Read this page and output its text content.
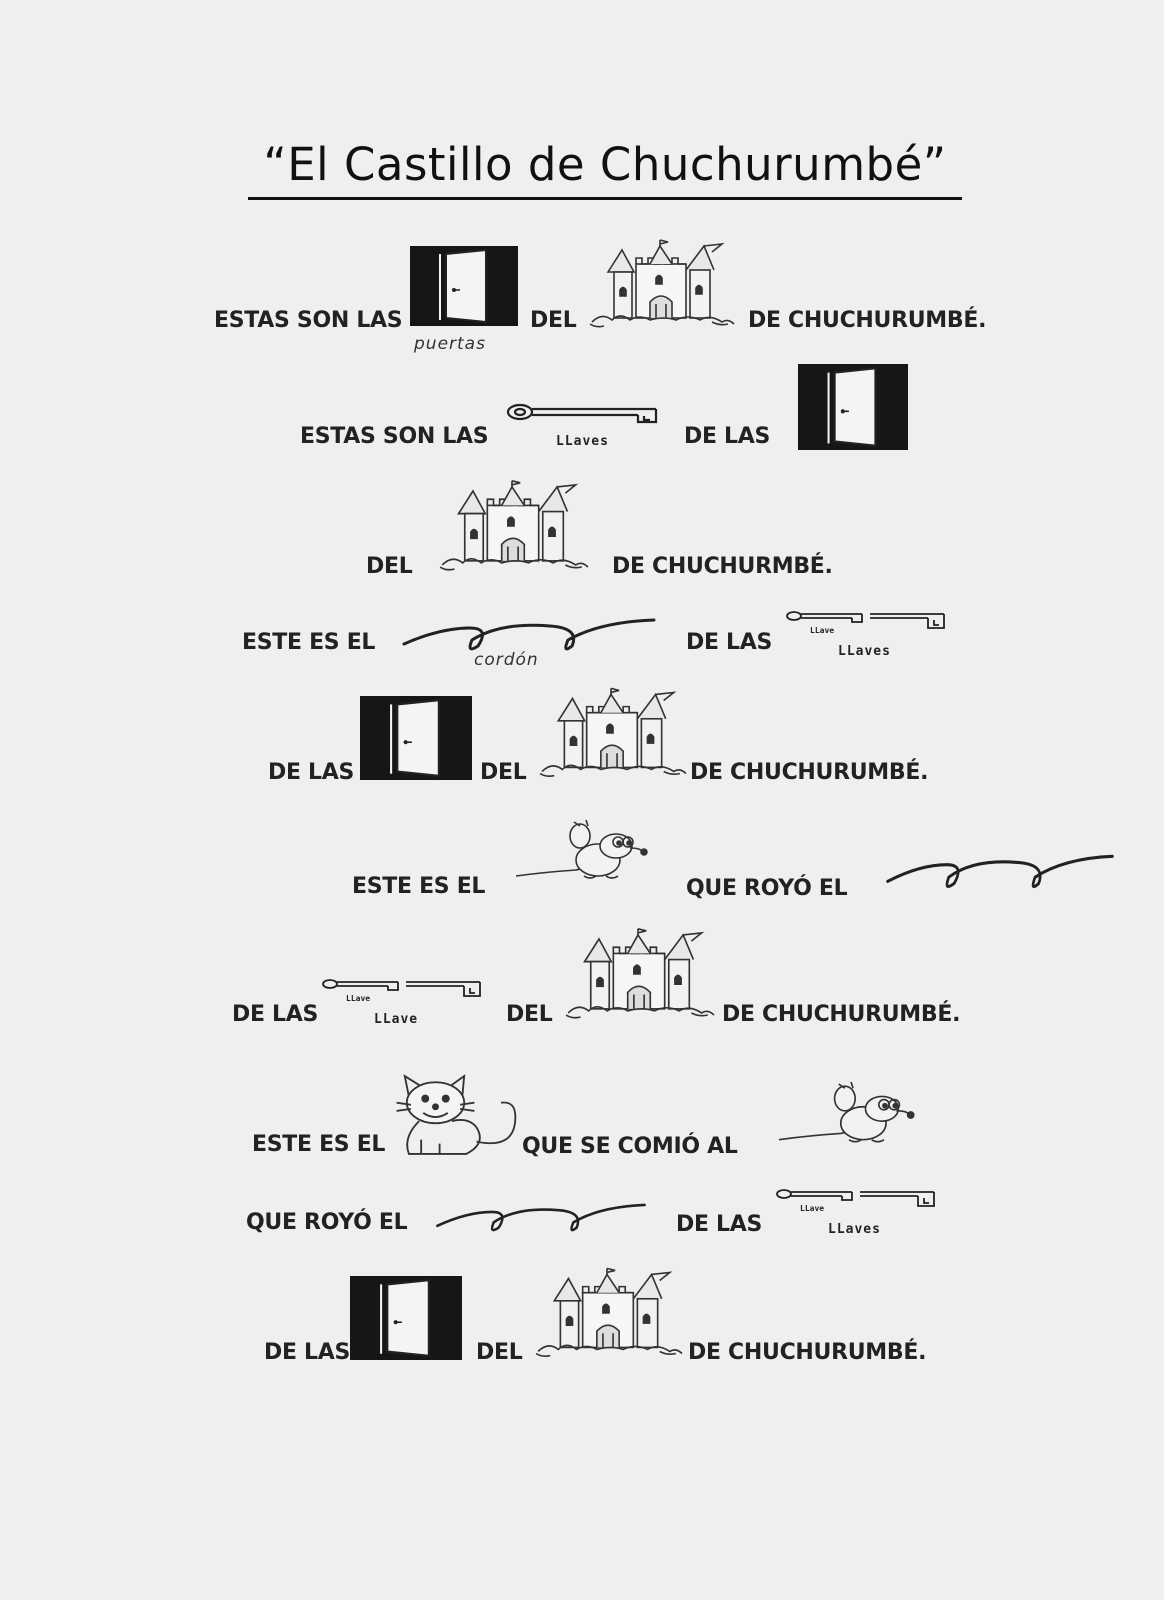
“El Castillo de Chuchurumbé”
ESTAS SON LAS
puertas
DEL	DE CHUCHURUMBÉ.
ESTAS SON LAS	LLaves	DE LAS
DEL	DE CHUCHURMBÉ.
ESTE ES EL
cordón
DE LAS	LLave
LLaves
DE LAS	DEL	DE CHUCHURUMBÉ.
ESTE ES EL	QUE ROYÓ EL
DE LAS
LLave
LLave	DEL	DE CHUCHURUMBÉ.
ESTE ES EL	QUE SE COMIÓ AL
QUE ROYÓ EL	DE LAS
LLave
LLaves
DE LAS	DEL	DE CHUCHURUMBÉ.
